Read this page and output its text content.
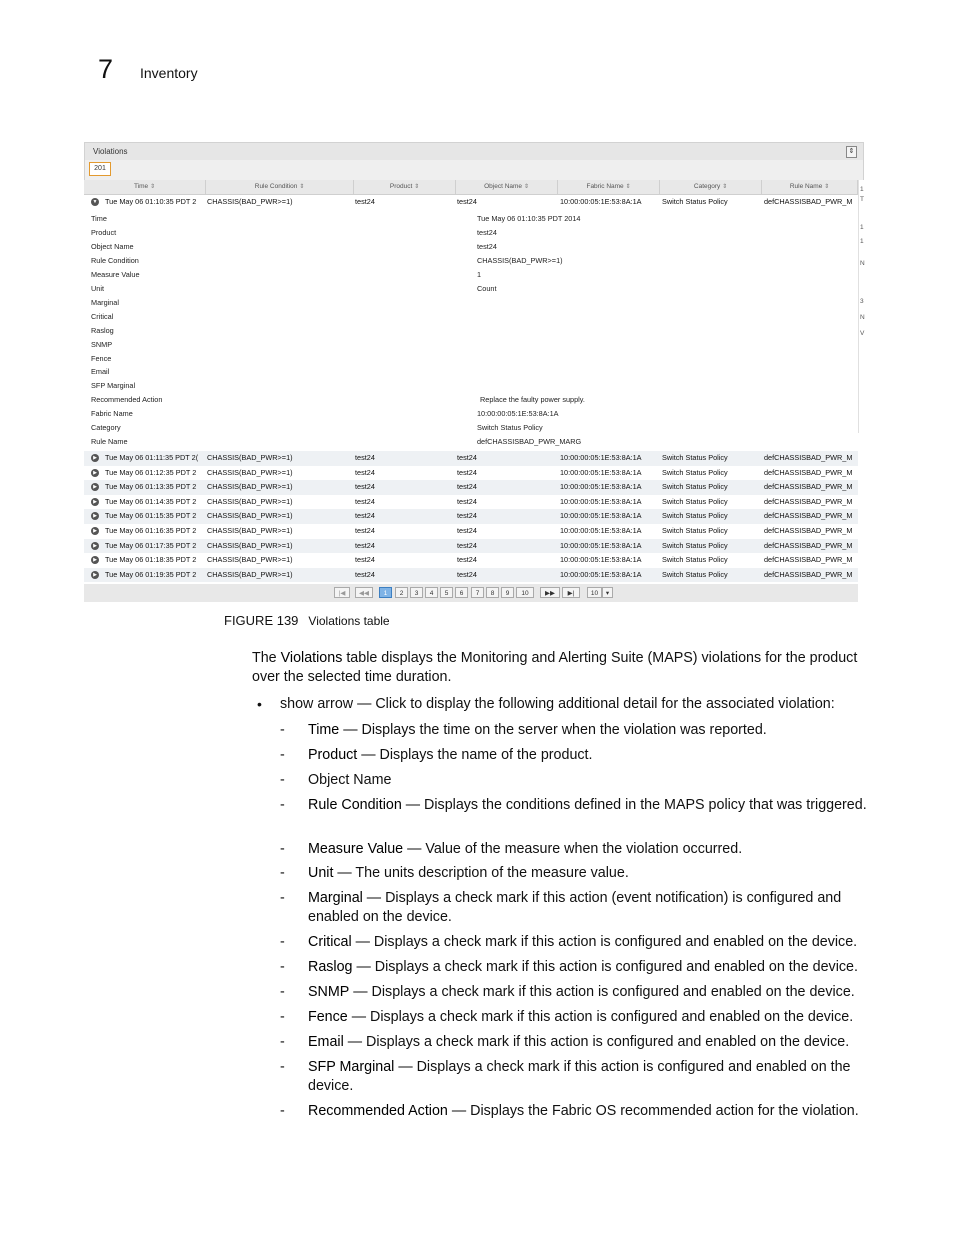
7 Inventory
Violations	⇕
201
Time ⇕	Rule Condition ⇕	Product ⇕	Object Name ⇕	Fabric Name ⇕	Category ⇕	Rule Name ⇕
▼ Tue May 06 01:10:35 PDT 2 CHASSIS(BAD_PWR>=1)	test24	test24	10:00:00:05:1E:53:8A:1A	Switch Status Policy	defCHASSISBAD_PWR_M
Time	Tue May 06 01:10:35 PDT 2014
Product	test24
Object Name	test24
Rule Condition	CHASSIS(BAD_PWR>=1)
Measure Value	1
Unit	Count
Marginal
Critical
Raslog
SNMP
Fence
Email
SFP Marginal
Recommended Action	Replace the faulty power supply.
Fabric Name	10:00:00:05:1E:53:8A:1A
Category	Switch Status Policy
Rule Name	defCHASSISBAD_PWR_MARG
▶ Tue May 06 01:11:35 PDT 2( CHASSIS(BAD_PWR>=1)	test24	test24	10:00:00:05:1E:53:8A:1A	Switch Status Policy	defCHASSISBAD_PWR_M
▶ Tue May 06 01:12:35 PDT 2 CHASSIS(BAD_PWR>=1)	test24	test24	10:00:00:05:1E:53:8A:1A	Switch Status Policy	defCHASSISBAD_PWR_M
▶ Tue May 06 01:13:35 PDT 2 CHASSIS(BAD_PWR>=1)	test24	test24	10:00:00:05:1E:53:8A:1A	Switch Status Policy	defCHASSISBAD_PWR_M
▶ Tue May 06 01:14:35 PDT 2 CHASSIS(BAD_PWR>=1)	test24	test24	10:00:00:05:1E:53:8A:1A	Switch Status Policy	defCHASSISBAD_PWR_M
▶ Tue May 06 01:15:35 PDT 2 CHASSIS(BAD_PWR>=1)	test24	test24	10:00:00:05:1E:53:8A:1A	Switch Status Policy	defCHASSISBAD_PWR_M
▶ Tue May 06 01:16:35 PDT 2 CHASSIS(BAD_PWR>=1)	test24	test24	10:00:00:05:1E:53:8A:1A	Switch Status Policy	defCHASSISBAD_PWR_M
▶ Tue May 06 01:17:35 PDT 2 CHASSIS(BAD_PWR>=1)	test24	test24	10:00:00:05:1E:53:8A:1A	Switch Status Policy	defCHASSISBAD_PWR_M
▶ Tue May 06 01:18:35 PDT 2 CHASSIS(BAD_PWR>=1)	test24	test24	10:00:00:05:1E:53:8A:1A	Switch Status Policy	defCHASSISBAD_PWR_M
▶ Tue May 06 01:19:35 PDT 2 CHASSIS(BAD_PWR>=1)	test24	test24	10:00:00:05:1E:53:8A:1A	Switch Status Policy	defCHASSISBAD_PWR_M
1
T
1
1
N
3
N
V
|◀	◀◀	1	2	3	4	5	6	7	8	9	10	▶▶	▶|	10	▾
FIGURE 139 Violations table
The Violations table displays the Monitoring and Alerting Suite (MAPS) violations for the product over the selected time duration.
• show arrow — Click to display the following additional detail for the associated violation:
- Time — Displays the time on the server when the violation was reported.
- Product — Displays the name of the product.
- Object Name
- Rule Condition — Displays the conditions defined in the MAPS policy that was triggered.
- Measure Value — Value of the measure when the violation occurred.
- Unit — The units description of the measure value.
- Marginal — Displays a check mark if this action (event notification) is configured and enabled on the device.
- Critical — Displays a check mark if this action is configured and enabled on the device.
- Raslog — Displays a check mark if this action is configured and enabled on the device.
- SNMP — Displays a check mark if this action is configured and enabled on the device.
- Fence — Displays a check mark if this action is configured and enabled on the device.
- Email — Displays a check mark if this action is configured and enabled on the device.
- SFP Marginal — Displays a check mark if this action is configured and enabled on the device.
- Recommended Action — Displays the Fabric OS recommended action for the violation.
